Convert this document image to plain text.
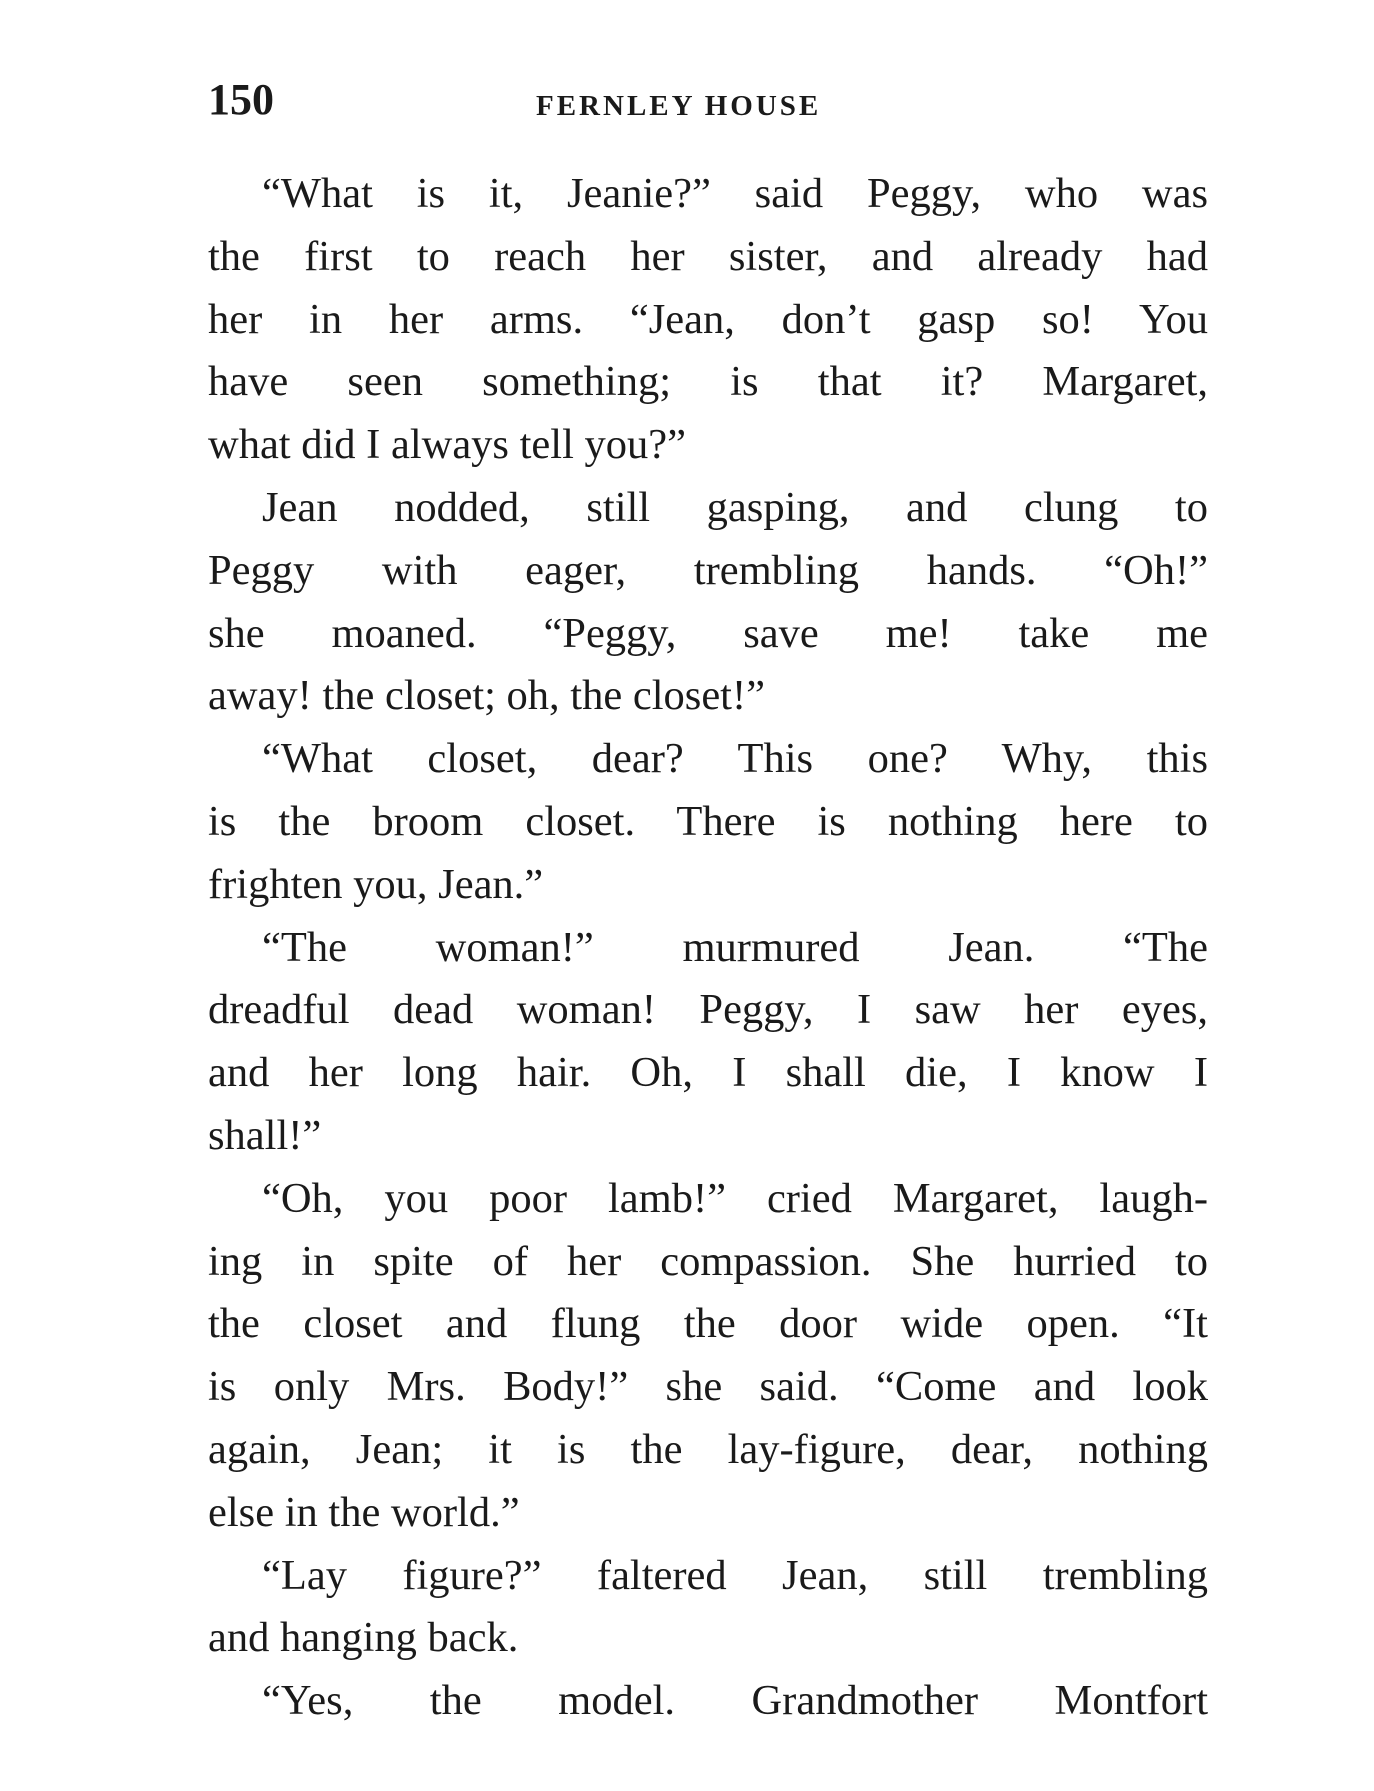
150	FERNLEY HOUSE

“What is it, Jeanie?” said Peggy, who was
the first to reach her sister, and already had
her in her arms. “Jean, don’t gasp so! You
have seen something; is that it? Margaret,
what did I always tell you?”

Jean nodded, still gasping, and clung to
Peggy with eager, trembling hands. “Oh!”
she moaned. “Peggy, save me! take me
away! the closet; oh, the closet!”

“What closet, dear? This one? Why, this
is the broom closet. There is nothing here to
frighten you, Jean.”

“The woman!” murmured Jean. “The
dreadful dead woman! Peggy, I saw her eyes,
and her long hair. Oh, I shall die, I know I
shall!”

“Oh, you poor lamb!” cried Margaret, laugh-
ing in spite of her compassion. She hurried to
the closet and flung the door wide open. “It
is only Mrs. Body!” she said. “Come and look
again, Jean; it is the lay-figure, dear, nothing
else in the world.”

“Lay figure?” faltered Jean, still trembling
and hanging back.

“Yes, the model. Grandmother Montfort
